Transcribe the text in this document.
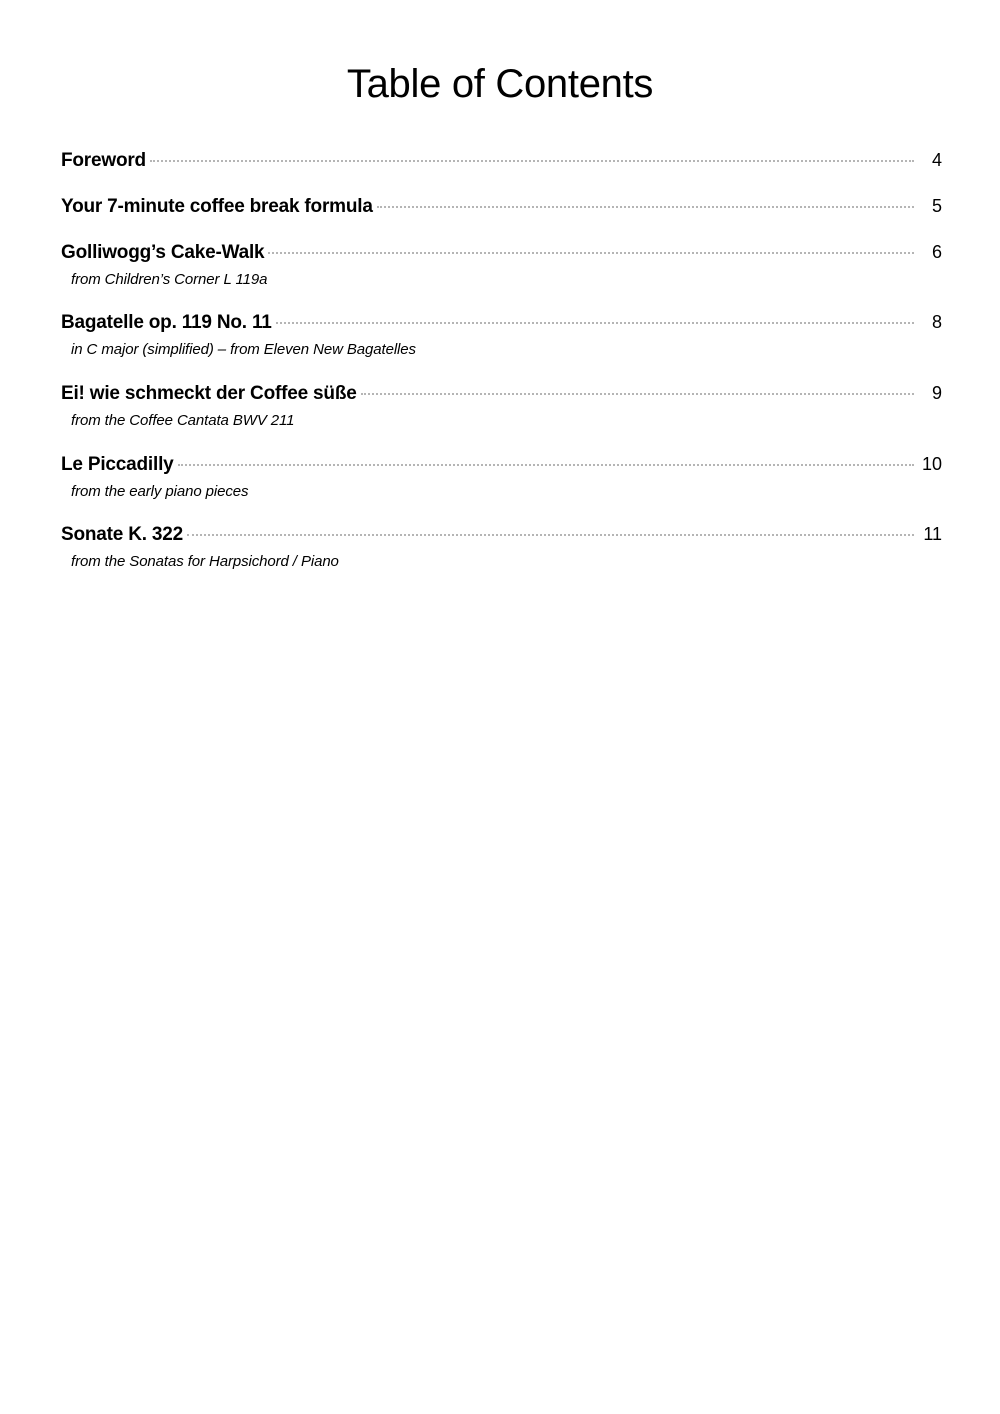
Table of Contents
Foreword	4
Your 7-minute coffee break formula	5
Golliwogg’s Cake-Walk	6
from Children’s Corner L 119a
Bagatelle op. 119 No. 11	8
in C major (simplified) – from Eleven New Bagatelles
Ei! wie schmeckt der Coffee süße	9
from the Coffee Cantata BWV 211
Le Piccadilly	10
from the early piano pieces
Sonate K. 322	11
from the Sonatas for Harpsichord / Piano
